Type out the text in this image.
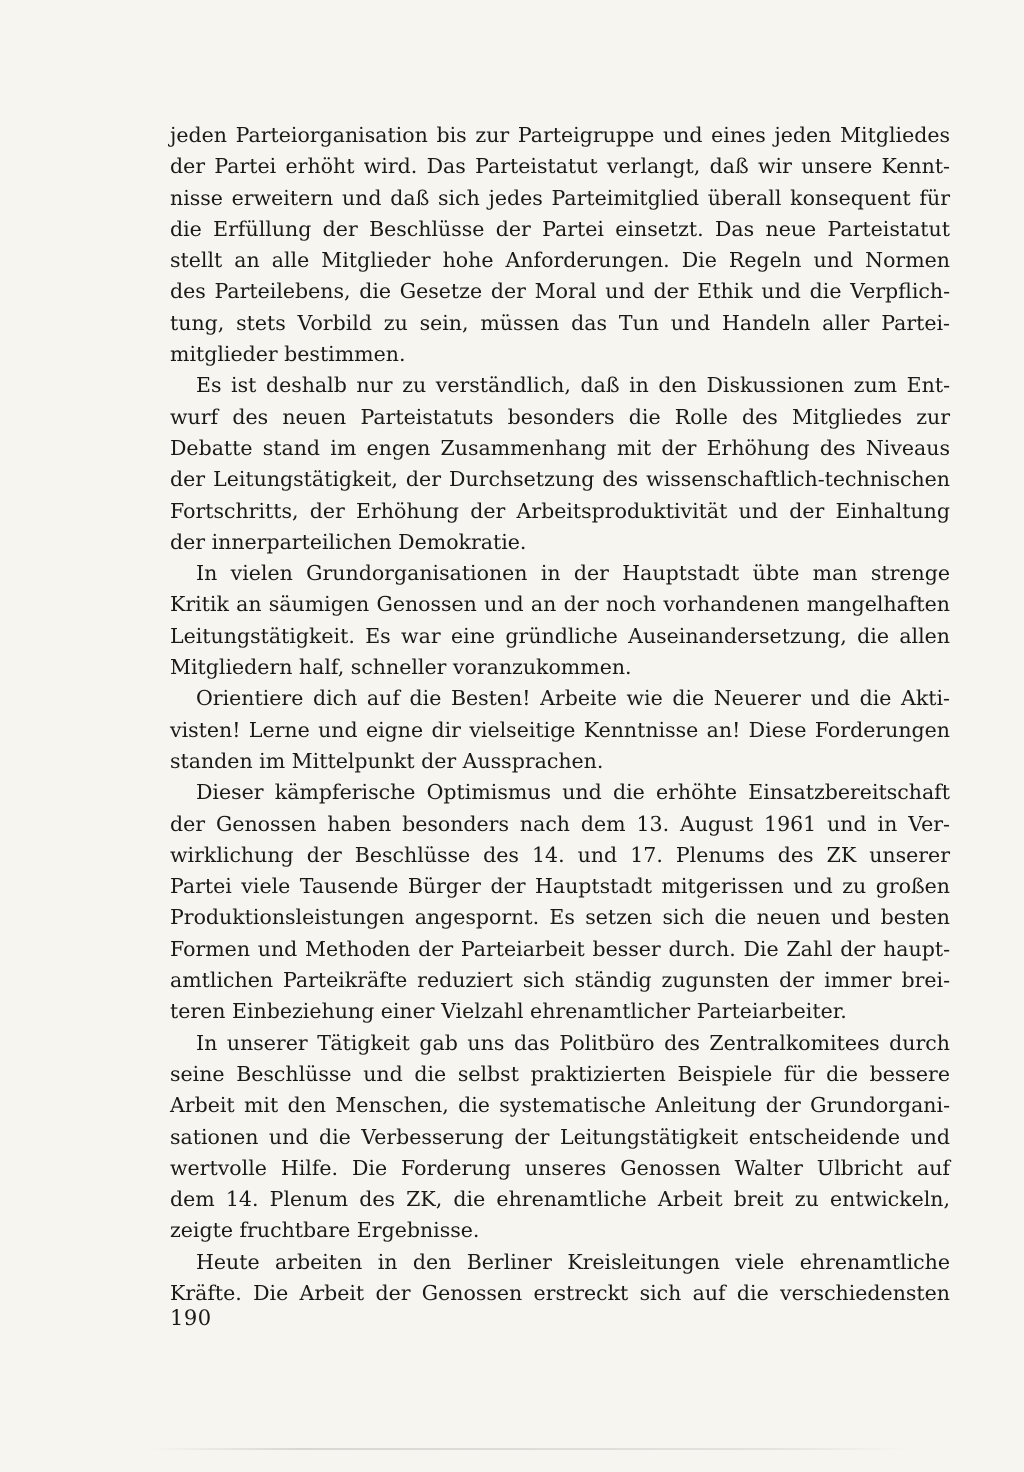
jeden Parteiorganisation bis zur Parteigruppe und eines jeden Mitgliedes
der Partei erhöht wird. Das Parteistatut verlangt, daß wir unsere Kennt-
nisse erweitern und daß sich jedes Parteimitglied überall konsequent für
die Erfüllung der Beschlüsse der Partei einsetzt. Das neue Parteistatut
stellt an alle Mitglieder hohe Anforderungen. Die Regeln und Normen
des Parteilebens, die Gesetze der Moral und der Ethik und die Verpflich-
tung, stets Vorbild zu sein, müssen das Tun und Handeln aller Partei-
mitglieder bestimmen.
Es ist deshalb nur zu verständlich, daß in den Diskussionen zum Ent-
wurf des neuen Parteistatuts besonders die Rolle des Mitgliedes zur
Debatte stand im engen Zusammenhang mit der Erhöhung des Niveaus
der Leitungstätigkeit, der Durchsetzung des wissenschaftlich-technischen
Fortschritts, der Erhöhung der Arbeitsproduktivität und der Einhaltung
der innerparteilichen Demokratie.
In vielen Grundorganisationen in der Hauptstadt übte man strenge
Kritik an säumigen Genossen und an der noch vorhandenen mangelhaften
Leitungstätigkeit. Es war eine gründliche Auseinandersetzung, die allen
Mitgliedern half, schneller voranzukommen.
Orientiere dich auf die Besten! Arbeite wie die Neuerer und die Akti-
visten! Lerne und eigne dir vielseitige Kenntnisse an! Diese Forderungen
standen im Mittelpunkt der Aussprachen.
Dieser kämpferische Optimismus und die erhöhte Einsatzbereitschaft
der Genossen haben besonders nach dem 13. August 1961 und in Ver-
wirklichung der Beschlüsse des 14. und 17. Plenums des ZK unserer
Partei viele Tausende Bürger der Hauptstadt mitgerissen und zu großen
Produktionsleistungen angespornt. Es setzen sich die neuen und besten
Formen und Methoden der Parteiarbeit besser durch. Die Zahl der haupt-
amtlichen Parteikräfte reduziert sich ständig zugunsten der immer brei-
teren Einbeziehung einer Vielzahl ehrenamtlicher Parteiarbeiter.
In unserer Tätigkeit gab uns das Politbüro des Zentralkomitees durch
seine Beschlüsse und die selbst praktizierten Beispiele für die bessere
Arbeit mit den Menschen, die systematische Anleitung der Grundorgani-
sationen und die Verbesserung der Leitungstätigkeit entscheidende und
wertvolle Hilfe. Die Forderung unseres Genossen Walter Ulbricht auf
dem 14. Plenum des ZK, die ehrenamtliche Arbeit breit zu entwickeln,
zeigte fruchtbare Ergebnisse.
Heute arbeiten in den Berliner Kreisleitungen viele ehrenamtliche
Kräfte. Die Arbeit der Genossen erstreckt sich auf die verschiedensten
190
